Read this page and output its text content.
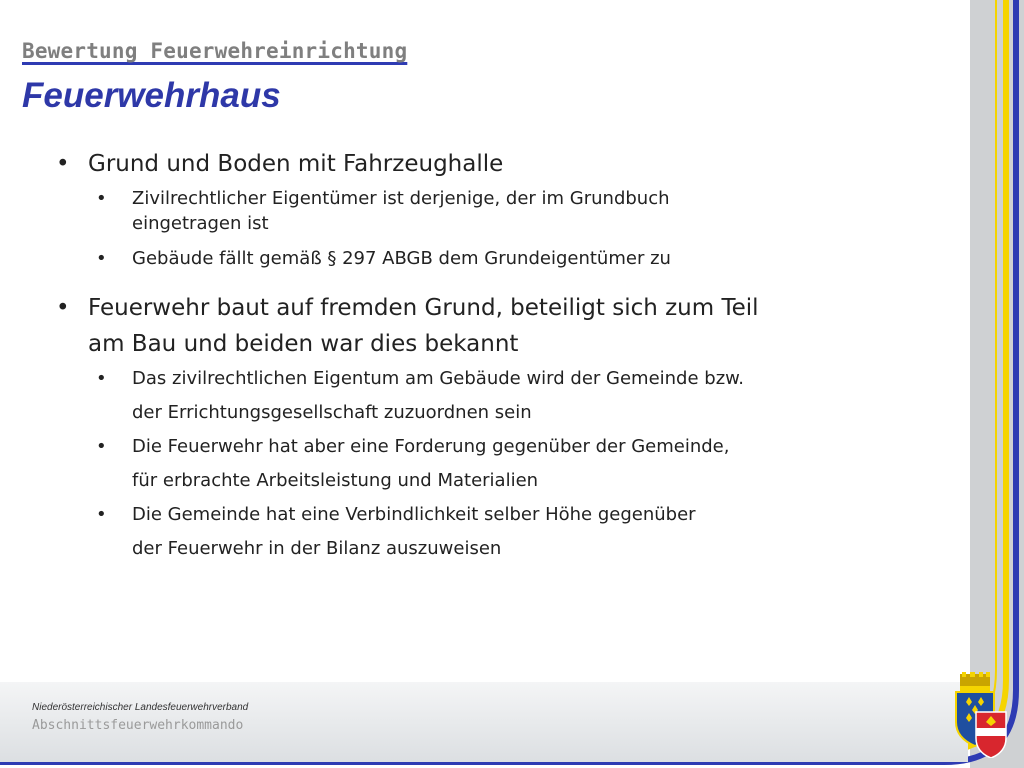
Bewertung Feuerwehreinrichtung
Feuerwehrhaus
• Grund und Boden mit Fahrzeughalle
• Zivilrechtlicher Eigentümer ist derjenige, der im Grundbuch
eingetragen ist
• Gebäude fällt gemäß § 297 ABGB dem Grundeigentümer zu
• Feuerwehr baut auf fremden Grund, beteiligt sich zum Teil
am Bau und beiden war dies bekannt
• Das zivilrechtlichen Eigentum am Gebäude wird der Gemeinde bzw.
der Errichtungsgesellschaft zuzuordnen sein
• Die Feuerwehr hat aber eine Forderung gegenüber der Gemeinde,
für erbrachte Arbeitsleistung und Materialien
• Die Gemeinde hat eine Verbindlichkeit selber Höhe gegenüber
der Feuerwehr in der Bilanz auszuweisen
Niederösterreichischer Landesfeuerwehrverband
Abschnittsfeuerwehrkommando
